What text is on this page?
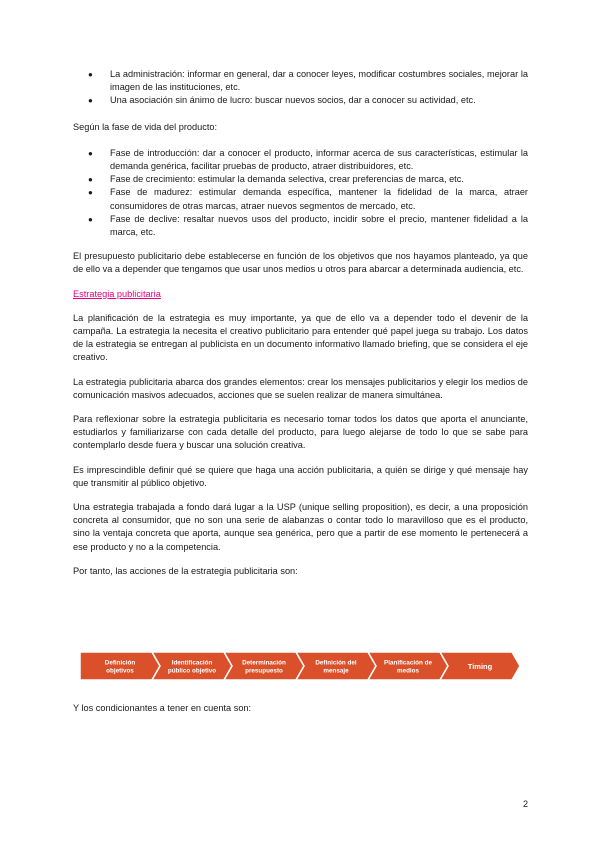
● La administración: informar en general, dar a conocer leyes, modificar costumbres sociales, mejorar la imagen de las instituciones, etc.
● Una asociación sin ánimo de lucro: buscar nuevos socios, dar a conocer su actividad, etc.

Según la fase de vida del producto:

● Fase de introducción: dar a conocer el producto, informar acerca de sus características, estimular la demanda genérica, facilitar pruebas de producto, atraer distribuidores, etc.
● Fase de crecimiento: estimular la demanda selectiva, crear preferencias de marca, etc.
● Fase de madurez: estimular demanda específica, mantener la fidelidad de la marca, atraer consumidores de otras marcas, atraer nuevos segmentos de mercado, etc.
● Fase de declive: resaltar nuevos usos del producto, incidir sobre el precio, mantener fidelidad a la marca, etc.

El presupuesto publicitario debe establecerse en función de los objetivos que nos hayamos planteado, ya que de ello va a depender que tengamos que usar unos medios u otros para abarcar a determinada audiencia, etc.

Estrategia publicitaria

La planificación de la estrategia es muy importante, ya que de ello va a depender todo el devenir de la campaña. La estrategia la necesita el creativo publicitario para entender qué papel juega su trabajo. Los datos de la estrategia se entregan al publicista en un documento informativo llamado briefing, que se considera el eje creativo.

La estrategia publicitaria abarca dos grandes elementos: crear los mensajes publicitarios y elegir los medios de comunicación masivos adecuados, acciones que se suelen realizar de manera simultánea.

Para reflexionar sobre la estrategia publicitaria es necesario tomar todos los datos que aporta el anunciante, estudiarlos y familiarizarse con cada detalle del producto, para luego alejarse de todo lo que se sabe para contemplarlo desde fuera y buscar una solución creativa.

Es imprescindible definir qué se quiere que haga una acción publicitaria, a quién se dirige y qué mensaje hay que transmitir al público objetivo.

Una estrategia trabajada a fondo dará lugar a la USP (unique selling proposition), es decir, a una proposición concreta al consumidor, que no son una serie de alabanzas o contar todo lo maravilloso que es el producto, sino la ventaja concreta que aporta, aunque sea genérica, pero que a partir de ese momento le pertenecerá a ese producto y no a la competencia.

Por tanto, las acciones de la estrategia publicitaria son:

Definición
objetivos
Identificación
público objetivo
Determinación
presupuesto
Definición del
mensaje
Planificación de
medios	Timing

Y los condicionantes a tener en cuenta son:

2
